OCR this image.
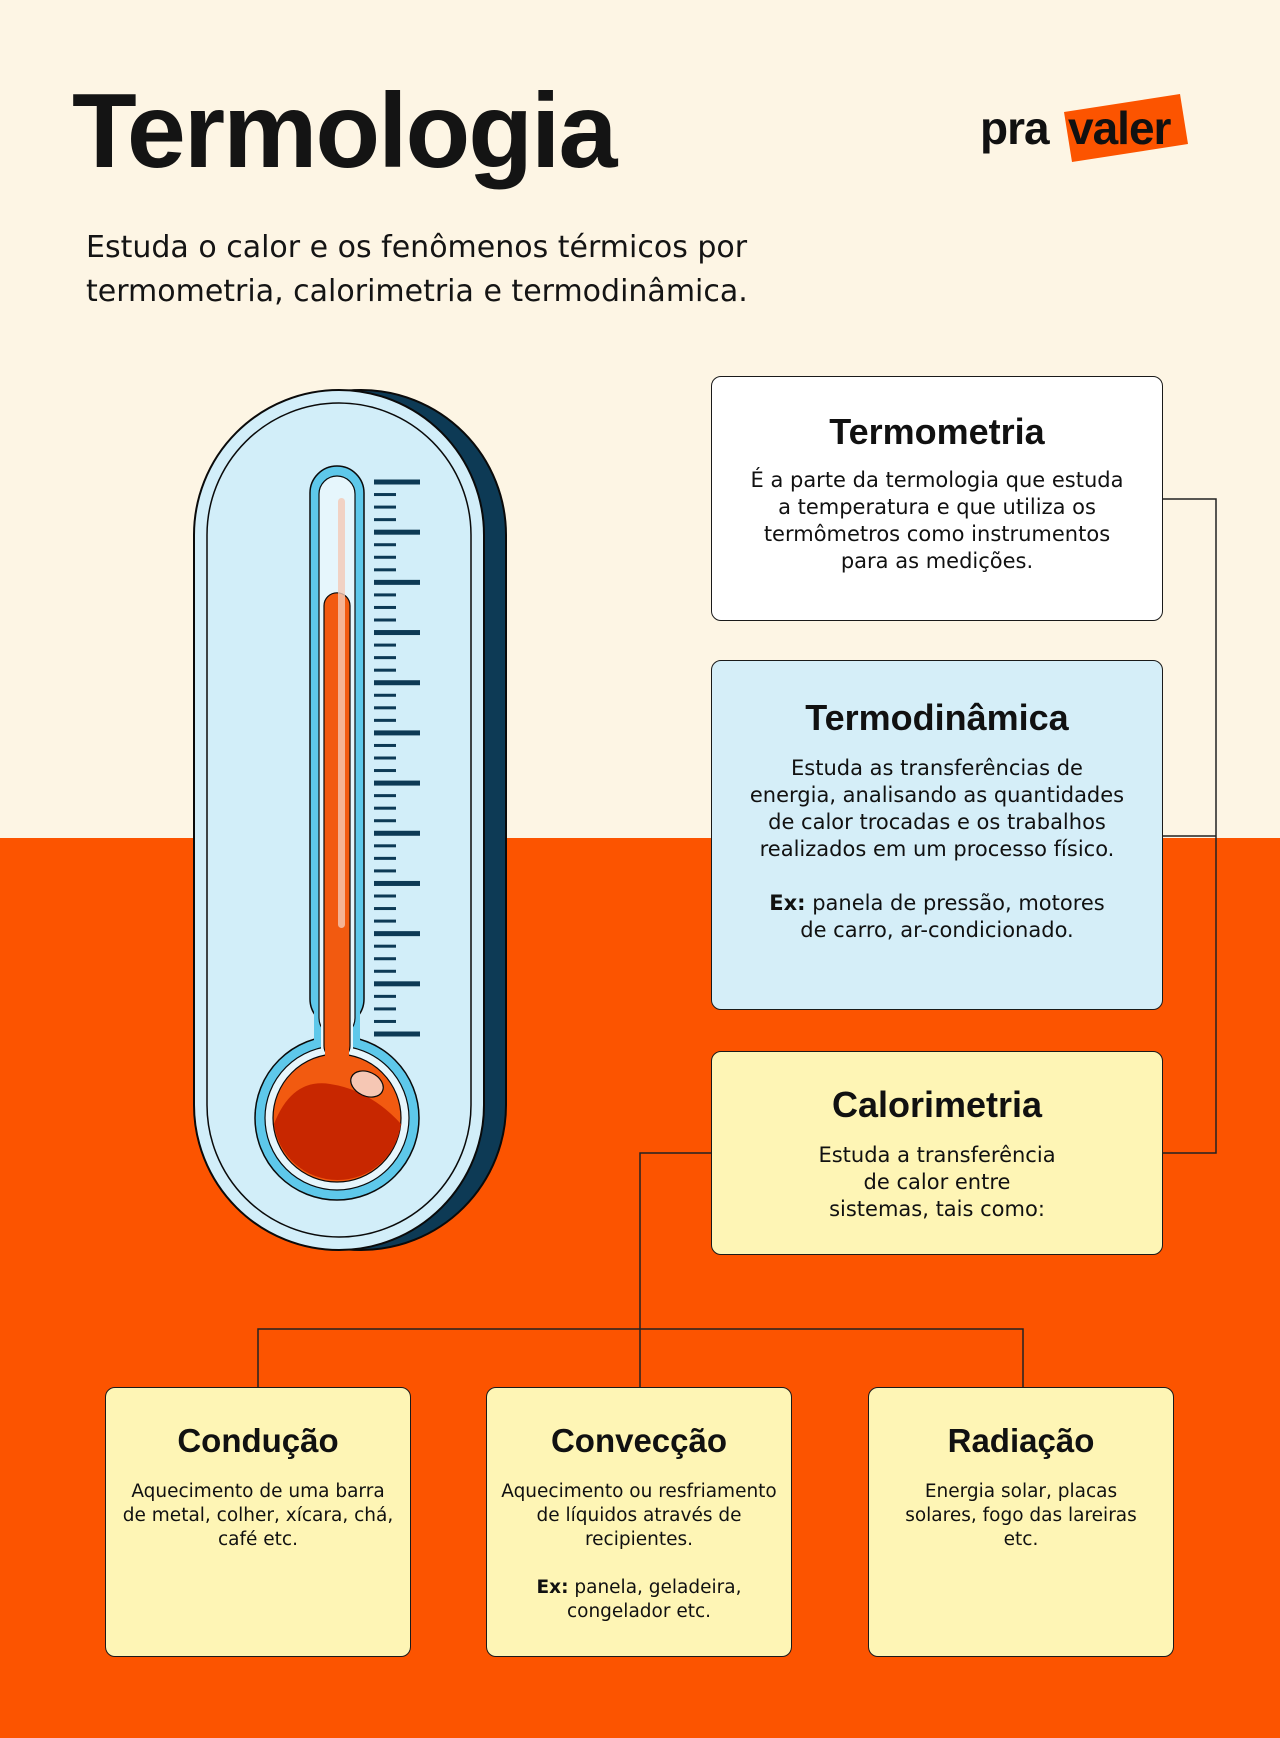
Termologia

Estuda o calor e os fenômenos térmicos por termometria, calorimetria e termodinâmica.

pra valer
Termometria

É a parte da termologia que estuda a temperatura e que utiliza os termômetros como instrumentos para as medições.

Termodinâmica

Estuda as transferências de energia, analisando as quantidades de calor trocadas e os trabalhos realizados em um processo físico.

Ex: panela de pressão, motores de carro, ar-condicionado.

Calorimetria

Estuda a transferência de calor entre sistemas, tais como:

Condução

Aquecimento de uma barra de metal, colher, xícara, chá, café etc.

Convecção

Aquecimento ou resfriamento de líquidos através de recipientes.

Ex: panela, geladeira, congelador etc.

Radiação

Energia solar, placas solares, fogo das lareiras etc.
